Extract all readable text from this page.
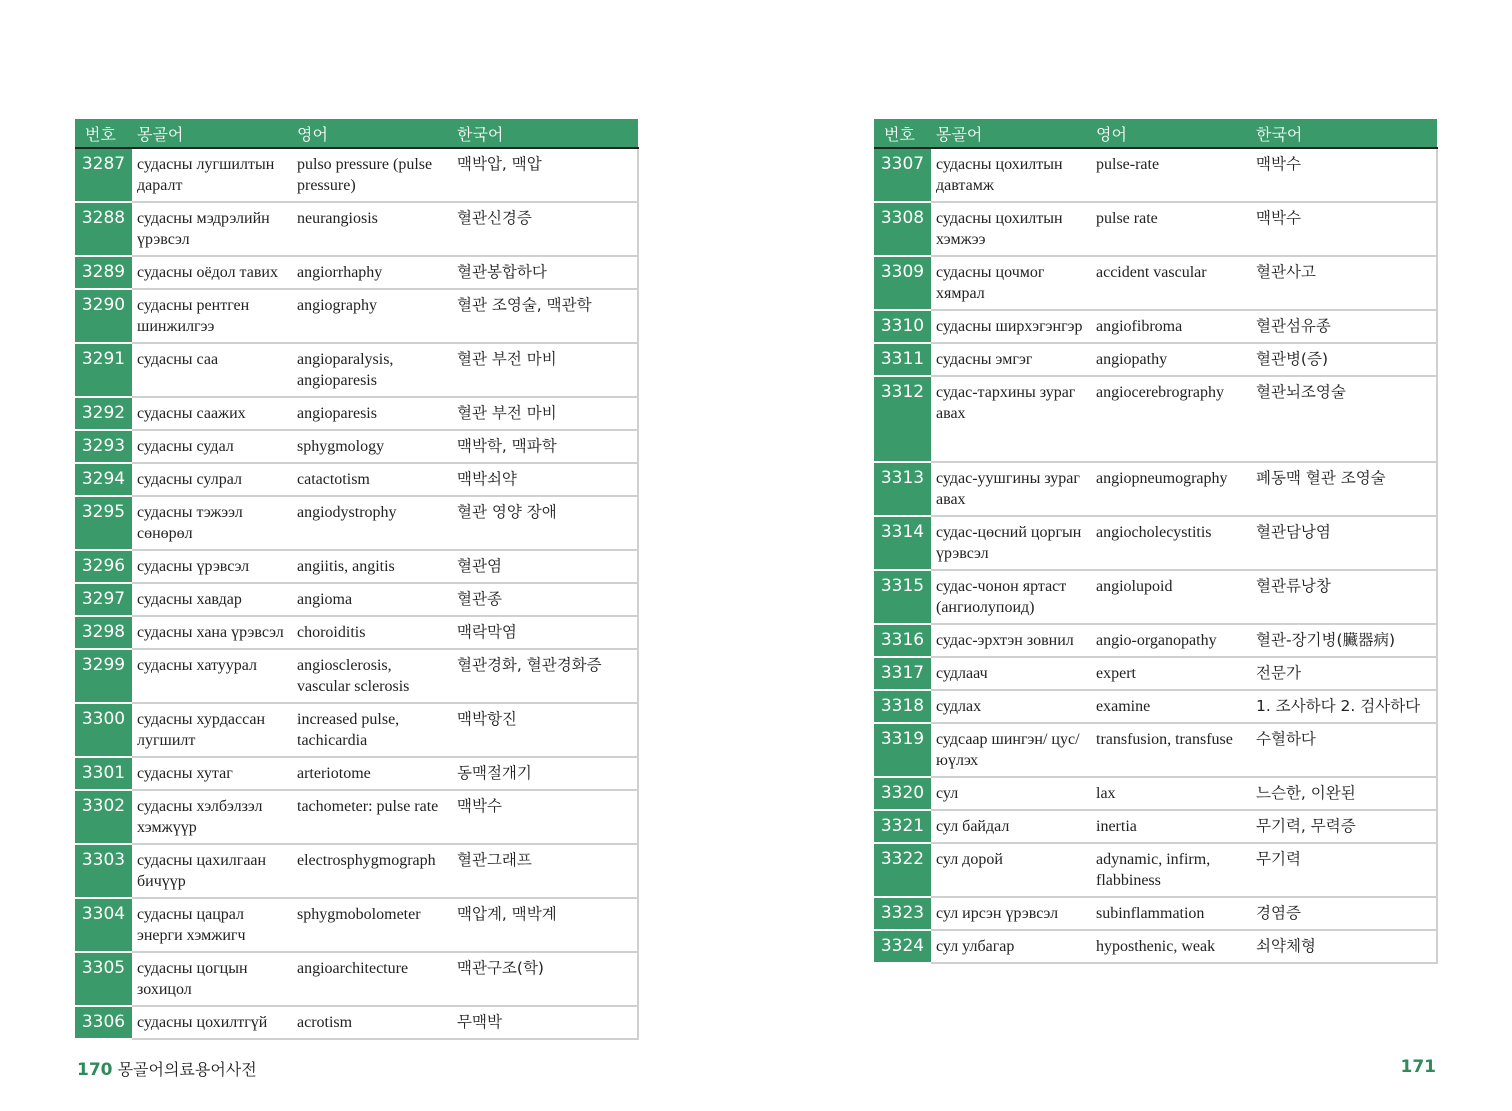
번호	몽골어	영어	한국어
3287	судасны лугшилтын даралт	pulso pressure (pulse pressure)	맥박압, 맥압
3288	судасны мэдрэлийн үрэвсэл	neurangiosis	혈관신경증
3289	судасны оёдол тавих	angiorrhaphy	혈관봉합하다
3290	судасны рентген шинжилгээ	angiography	혈관 조영술, 맥관학
3291	судасны саа	angioparalysis, angioparesis	혈관 부전 마비
3292	судасны саажих	angioparesis	혈관 부전 마비
3293	судасны судал	sphygmology	맥박학, 맥파학
3294	судасны сулрал	catactotism	맥박쇠약
3295	судасны тэжээл сөнөрөл	angiodystrophy	혈관 영양 장애
3296	судасны үрэвсэл	angiitis, angitis	혈관염
3297	судасны хавдар	angioma	혈관종
3298	судасны хана үрэвсэл	choroiditis	맥락막염
3299	судасны хатуурал	angiosclerosis, vascular sclerosis	혈관경화, 혈관경화증
3300	судасны хурдассан лугшилт	increased pulse, tachicardia	맥박항진
3301	судасны хутаг	arteriotome	동맥절개기
3302	судасны хэлбэлзэл хэмжүүр	tachometer: pulse rate	맥박수
3303	судасны цахилгаан бичүүр	electrosphygmograph	혈관그래프
3304	судасны цацрал энерги хэмжигч	sphygmobolometer	맥압계, 맥박계
3305	судасны цогцын зохицол	angioarchitecture	맥관구조(학)
3306	судасны цохилтгүй	acrotism	무맥박
번호	몽골어	영어	한국어
3307	судасны цохилтын давтамж	pulse-rate	맥박수
3308	судасны цохилтын хэмжээ	pulse rate	맥박수
3309	судасны цочмог хямрал	accident vascular	혈관사고
3310	судасны ширхэгэнгэр	angiofibroma	혈관섬유종
3311	судасны эмгэг	angiopathy	혈관병(증)
3312	судас-тархины зураг авах	angiocerebrography	혈관뇌조영술
3313	судас-уушгины зураг авах	angiopneumography	폐동맥 혈관 조영술
3314	судас-цөсний цоргын үрэвсэл	angiocholecystitis	혈관담낭염
3315	судас-чонон яртаст (ангиолупоид)	angiolupoid	혈관류낭창
3316	судас-эрхтэн зовнил	angio-organopathy	혈관-장기병(臟器病)
3317	судлаач	expert	전문가
3318	судлах	examine	1. 조사하다 2. 검사하다
3319	судсаар шингэн/ цус/ юүлэх	transfusion, transfuse	수혈하다
3320	сул	lax	느슨한, 이완된
3321	сул байдал	inertia	무기력, 무력증
3322	сул дорой	adynamic, infirm, flabbiness	무기력
3323	сул ирсэн үрэвсэл	subinflammation	경염증
3324	сул улбагар	hyposthenic, weak	쇠약체형
170 몽골어의료용어사전	171
